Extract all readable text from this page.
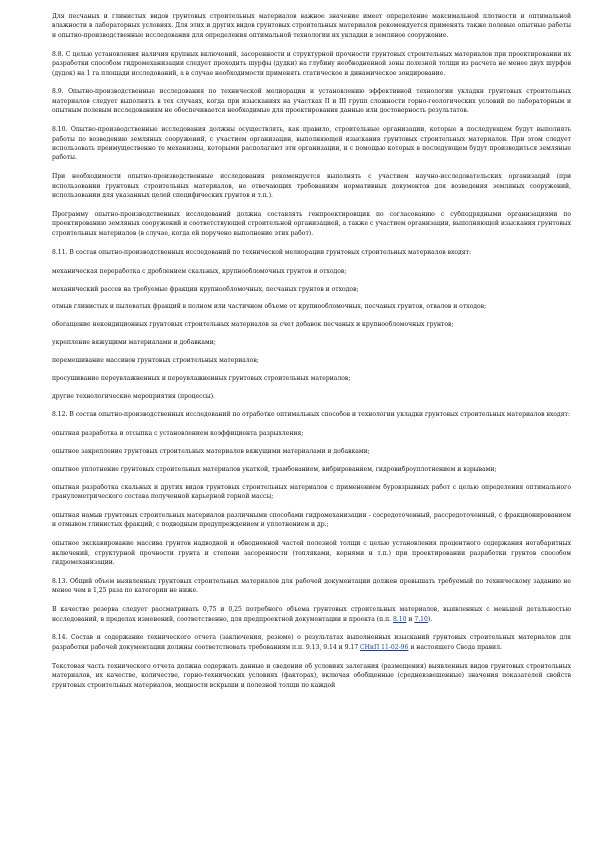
Для песчаных и глинистых видов грунтовых строительных материалов важное значение имеет определение максимальной плотности и оптимальной влажности в лабораторных условиях. Для этих и других видов грунтовых строительных материалов рекомендуется применять также полевые опытные работы и опытно-производственные исследования для определения оптимальной технологии их укладки в земляное сооружение.

8.8. С целью установления наличия крупных включений, засоренности и структурной прочности грунтовых строительных материалов при проектировании их разработки способом гидромеханизации следует проходить шурфы (дудки) на глубину необводненной зоны полезной толщи из расчета не менее двух шурфов (дудок) на 1 га площади исследований, а в случае необходимости применять статическое и динамическое зондирование.

8.9. Опытно-производственные исследования по технической мелиорации и установлению эффективной технологии укладки грунтовых строительных материалов следует выполнять в тех случаях, когда при изысканиях на участках II и III групп сложности горно-геологических условий по лабораторным и опытным полевым исследованиям не обеспечивается необходимые для проектирования данные или достоверность результатов.

8.10. Опытно-производственные исследования должны осуществлять, как правило, строительные организации, которые в последующем будут выполнять работы по возведению земляных сооружений, с участием организации, выполняющей изыскания грунтовых строительных материалов. При этом следует использовать преимущественно те механизмы, которыми располагают эти организации, и с помощью которых в последующем будут производиться земляные работы.

При необходимости опытно-производственные исследования рекомендуется выполнять с участием научно-исследовательских организаций (при использовании грунтовых строительных материалов, не отвечающих требованиям нормативных документов для возведения земляных сооружений, использовании для указанных целей специфических грунтов и т.п.).

Программу опытно-производственных исследований должна составлять генпроектировщик по согласованию с субподрядными организациями по проектированию земляных сооружений и соответствующей строительной организацией, а также с участием организации, выполняющей изыскания грунтовых строительных материалов (в случае, когда ей поручено выполнение этих работ).

8.11. В состав опытно-производственных исследований по технической мелиорации грунтовых строительных материалов входят:

механическая переработка с дроблением скальных, крупнообломочных грунтов и отходов;

механический рассев на требуемые фракции крупнообломочных, песчаных грунтов и отходов;

отмыв глинистых и пылеватых фракций в полном или частичном объеме от крупнообломочных, песчаных грунтов, отвалов и отходов;

обогащение некондиционных грунтовых строительных материалов за счет добавок песчаных и крупнообломочных грунтов;

укрепление вяжущими материалами и добавками;

перемешивание массивов грунтовых строительных материалов;

просушивание переувлажненных и переувлажненных грунтовых строительных материалов;

другие технологические мероприятия (процессы).

8.12. В состав опытно-производственных исследований по отработке оптимальных способов и технологии укладки грунтовых строительных материалов входят:

опытная разработка и отсыпка с установлением коэффициента разрыхления;

опытное закрепление грунтовых строительных материалов вяжущими материалами и добавками;

опытное уплотнение грунтовых строительных материалов укаткой, трамбованием, вибрированием, гидровиброуплотнением и взрывами;

опытная разработка скальных и других видов грунтовых строительных материалов с применением буровзрывных работ с целью определения оптимального гранулометрического состава полученной карьерной горной массы;

опытная намыв грунтовых строительных материалов различными способами гидромеханизации - сосредоточенный, рассредоточенный, с фракционированием и отмывом глинистых фракций, с подводным предупреждением и уплотнением и др.;

опытное экскавирование массива грунтов надводной и обводненной частей полезной толщи с целью установления процентного содержания негабаритных включений, структурной прочности грунта и степени засоренности (топляками, корнями и т.п.) при проектировании разработки грунтов способом гидромеханизации.

8.13. Общий объем выявленных грунтовых строительных материалов для рабочей документации должен превышать требуемый по техническому заданию не менее чем в 1,25 раза по категории не ниже.

В качестве резерва следует рассматривать 0,75 и 0,25 потребного объема грунтовых строительных материалов, выявленных с меньшей детальностью исследований, в пределах изменений, соответственно, для предпроектной документации и проекта (п.п. 8.10 и 7.10).

8.14. Состав и содержание технического отчета (заключения, резюме) о результатах выполненных изысканий грунтовых строительных материалов для разработки рабочей документации должны соответствовать требованиям п.п. 9.13, 9.14 и 9.17 СНиП 11-02-96 и настоящего Свода правил.

Текстовая часть технического отчета должна содержать данные и сведения об условиях залегания (размещения) выявленных видов грунтовых строительных материалов, их качестве, количестве, горно-технических условиях (факторах), включая обобщенные (средневзвешенные) значения показателей свойств грунтовых строительных материалов, мощности вскрыши и полезной толщи по каждой
